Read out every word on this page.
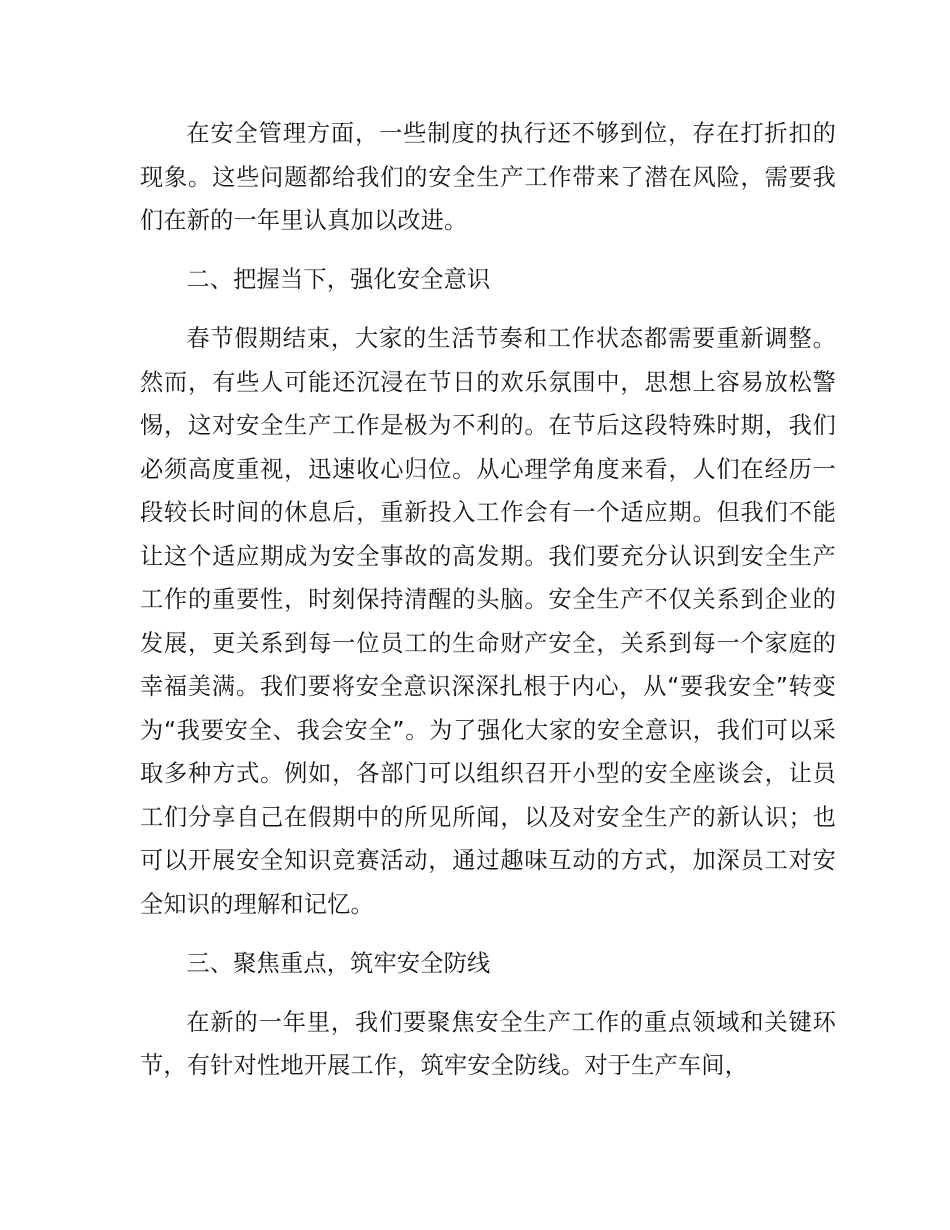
在安全管理方面，一些制度的执行还不够到位，存在打折扣的现象。这些问题都给我们的安全生产工作带来了潜在风险，需要我们在新的一年里认真加以改进。

二、把握当下，强化安全意识

春节假期结束，大家的生活节奏和工作状态都需要重新调整。然而，有些人可能还沉浸在节日的欢乐氛围中，思想上容易放松警惕，这对安全生产工作是极为不利的。在节后这段特殊时期，我们必须高度重视，迅速收心归位。从心理学角度来看，人们在经历一段较长时间的休息后，重新投入工作会有一个适应期。但我们不能让这个适应期成为安全事故的高发期。我们要充分认识到安全生产工作的重要性，时刻保持清醒的头脑。安全生产不仅关系到企业的发展，更关系到每一位员工的生命财产安全，关系到每一个家庭的幸福美满。我们要将安全意识深深扎根于内心，从“要我安全”转变为“我要安全、我会安全”。为了强化大家的安全意识，我们可以采取多种方式。例如，各部门可以组织召开小型的安全座谈会，让员工们分享自己在假期中的所见所闻，以及对安全生产的新认识；也可以开展安全知识竞赛活动，通过趣味互动的方式，加深员工对安全知识的理解和记忆。

三、聚焦重点，筑牢安全防线

在新的一年里，我们要聚焦安全生产工作的重点领域和关键环节，有针对性地开展工作，筑牢安全防线。对于生产车间，
